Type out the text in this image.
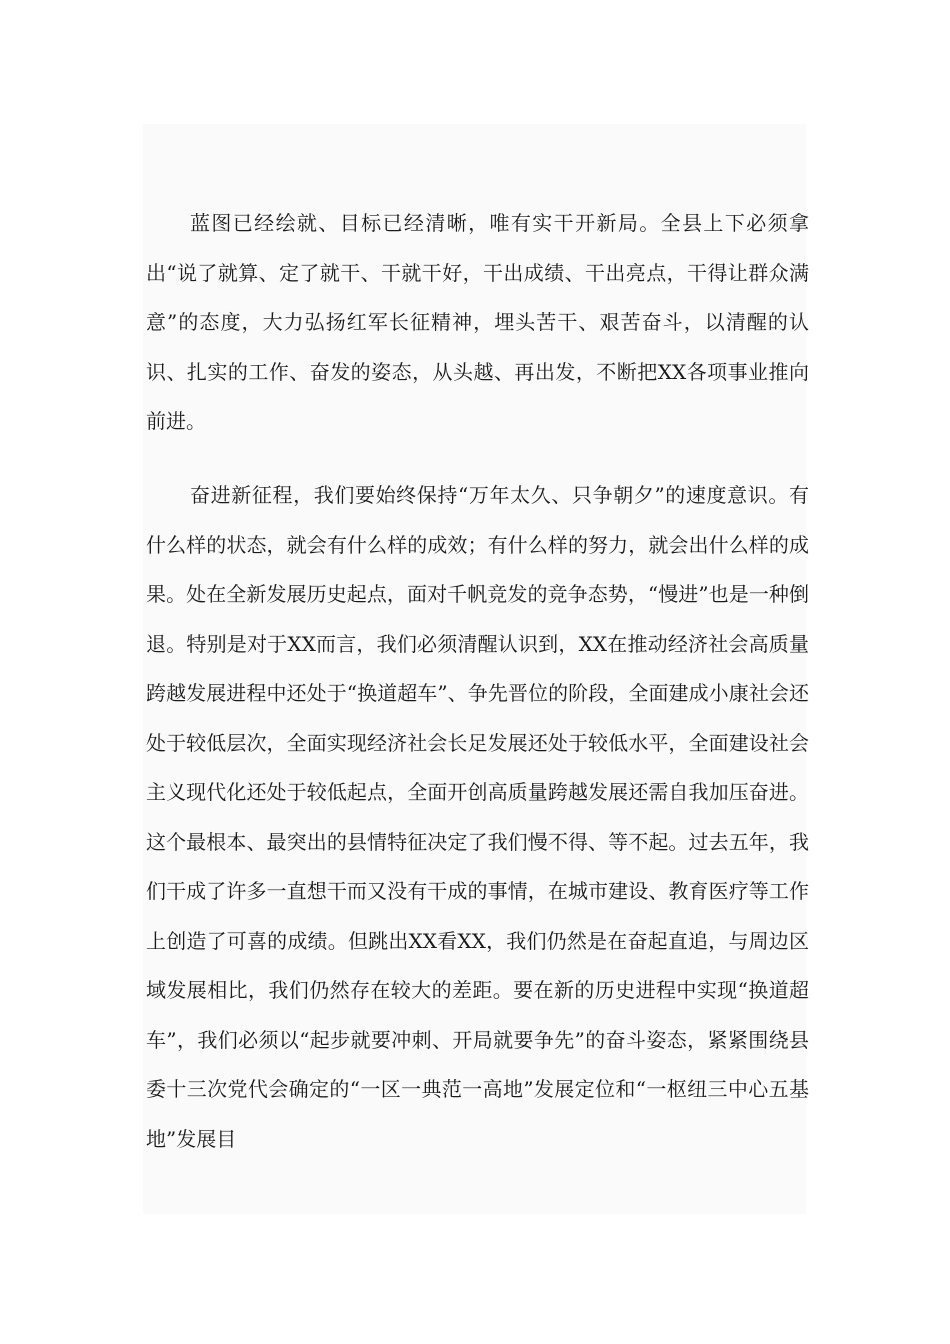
蓝图已经绘就、目标已经清晰，唯有实干开新局。全县上下必须拿出“说了就算、定了就干、干就干好，干出成绩、干出亮点，干得让群众满意”的态度，大力弘扬红军长征精神，埋头苦干、艰苦奋斗，以清醒的认识、扎实的工作、奋发的姿态，从头越、再出发，不断把XX各项事业推向前进。

奋进新征程，我们要始终保持“万年太久、只争朝夕”的速度意识。有什么样的状态，就会有什么样的成效；有什么样的努力，就会出什么样的成果。处在全新发展历史起点，面对千帆竞发的竞争态势，“慢进”也是一种倒退。特别是对于XX而言，我们必须清醒认识到，XX在推动经济社会高质量跨越发展进程中还处于“换道超车”、争先晋位的阶段，全面建成小康社会还处于较低层次，全面实现经济社会长足发展还处于较低水平，全面建设社会主义现代化还处于较低起点，全面开创高质量跨越发展还需自我加压奋进。这个最根本、最突出的县情特征决定了我们慢不得、等不起。过去五年，我们干成了许多一直想干而又没有干成的事情，在城市建设、教育医疗等工作上创造了可喜的成绩。但跳出XX看XX，我们仍然是在奋起直追，与周边区域发展相比，我们仍然存在较大的差距。要在新的历史进程中实现“换道超车”，我们必须以“起步就要冲刺、开局就要争先”的奋斗姿态，紧紧围绕县委十三次党代会确定的“一区一典范一高地”发展定位和“一枢纽三中心五基地”发展目
